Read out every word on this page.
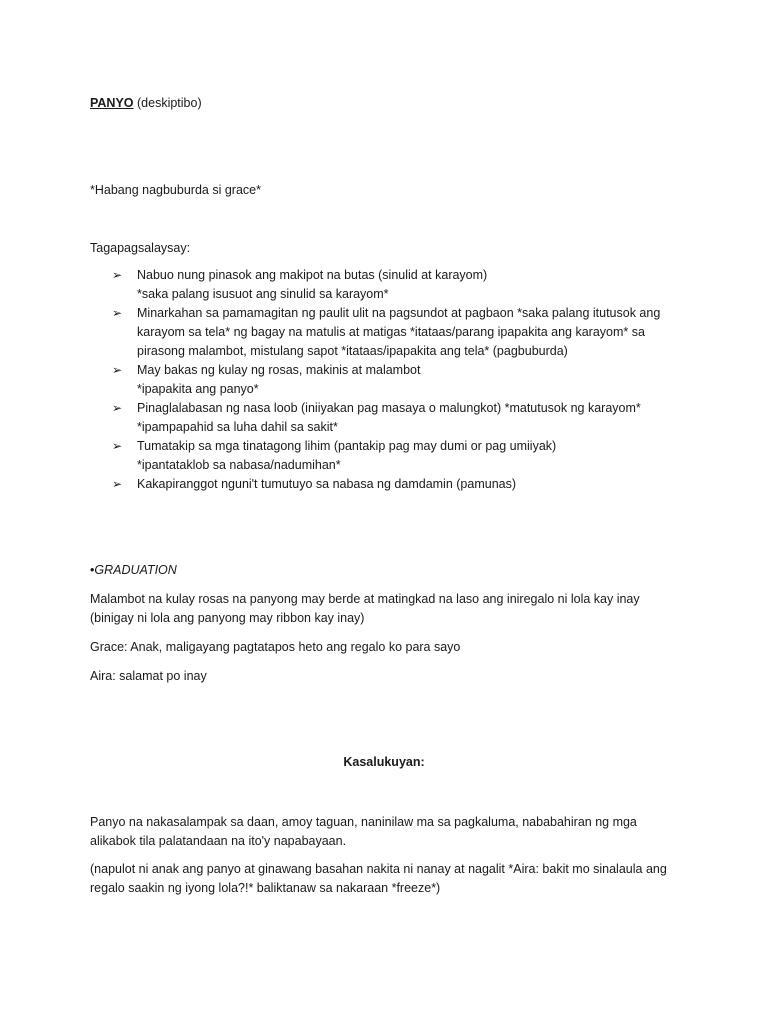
PANYO (deskiptibo)
*Habang nagbuburda si grace*
Tagapagsalaysay:
➢ Nabuo nung pinasok ang makipot na butas (sinulid at karayom)
*saka palang isusuot ang sinulid sa karayom*
➢ Minarkahan sa pamamagitan ng paulit ulit na pagsundot at pagbaon *saka palang itutusok ang
karayom sa tela* ng bagay na matulis at matigas *itataas/parang ipapakita ang karayom* sa
pirasong malambot, mistulang sapot *itataas/ipapakita ang tela* (pagbuburda)
➢ May bakas ng kulay ng rosas, makinis at malambot
*ipapakita ang panyo*
➢ Pinaglalabasan ng nasa loob (iniiyakan pag masaya o malungkot) *matutusok ng karayom*
*ipampapahid sa luha dahil sa sakit*
➢ Tumatakip sa mga tinatagong lihim (pantakip pag may dumi or pag umiiyak)
*ipantataklob sa nabasa/nadumihan*
➢ Kakapiranggot nguni't tumutuyo sa nabasa ng damdamin (pamunas)
•GRADUATION
Malambot na kulay rosas na panyong may berde at matingkad na laso ang iniregalo ni lola kay inay
(binigay ni lola ang panyong may ribbon kay inay)
Grace: Anak, maligayang pagtatapos heto ang regalo ko para sayo
Aira: salamat po inay
Kasalukuyan:
Panyo na nakasalampak sa daan, amoy taguan, naninilaw ma sa pagkaluma, nababahiran ng mga
alikabok tila palatandaan na ito'y napabayaan.
(napulot ni anak ang panyo at ginawang basahan nakita ni nanay at nagalit *Aira: bakit mo sinalaula ang
regalo saakin ng iyong lola?!* baliktanaw sa nakaraan *freeze*)
